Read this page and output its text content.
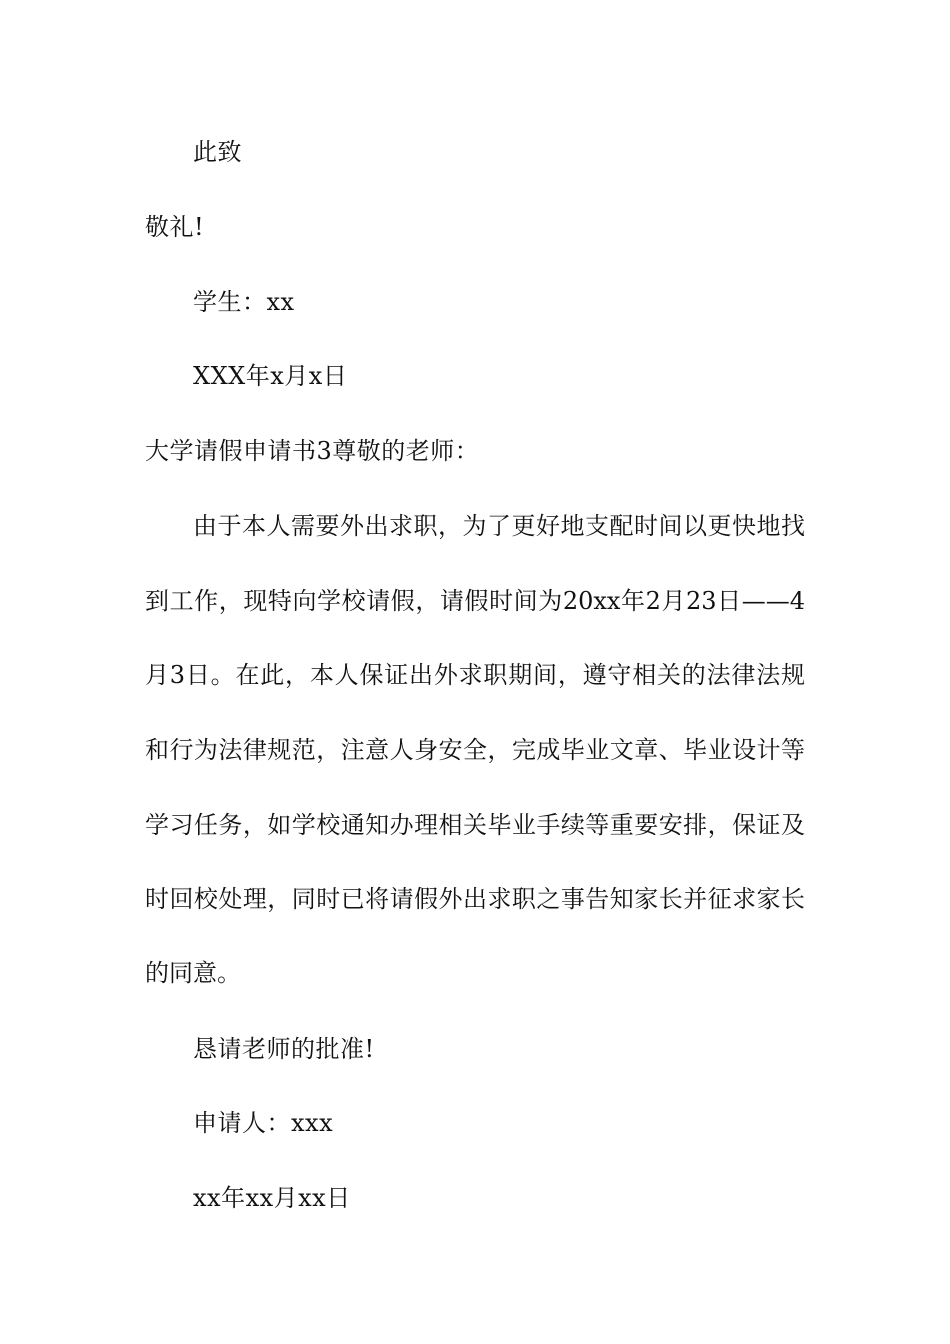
此致
敬礼!
学生：xx
XXX年x月x日
大学请假申请书3尊敬的老师：
由于本人需要外出求职，为了更好地支配时间以更快地找
到工作，现特向学校请假，请假时间为20xx年2月23日——4
月3日。在此，本人保证出外求职期间，遵守相关的法律法规
和行为法律规范，注意人身安全，完成毕业文章、毕业设计等
学习任务，如学校通知办理相关毕业手续等重要安排，保证及
时回校处理，同时已将请假外出求职之事告知家长并征求家长
的同意。
恳请老师的批准!
申请人：xxx
xx年xx月xx日
